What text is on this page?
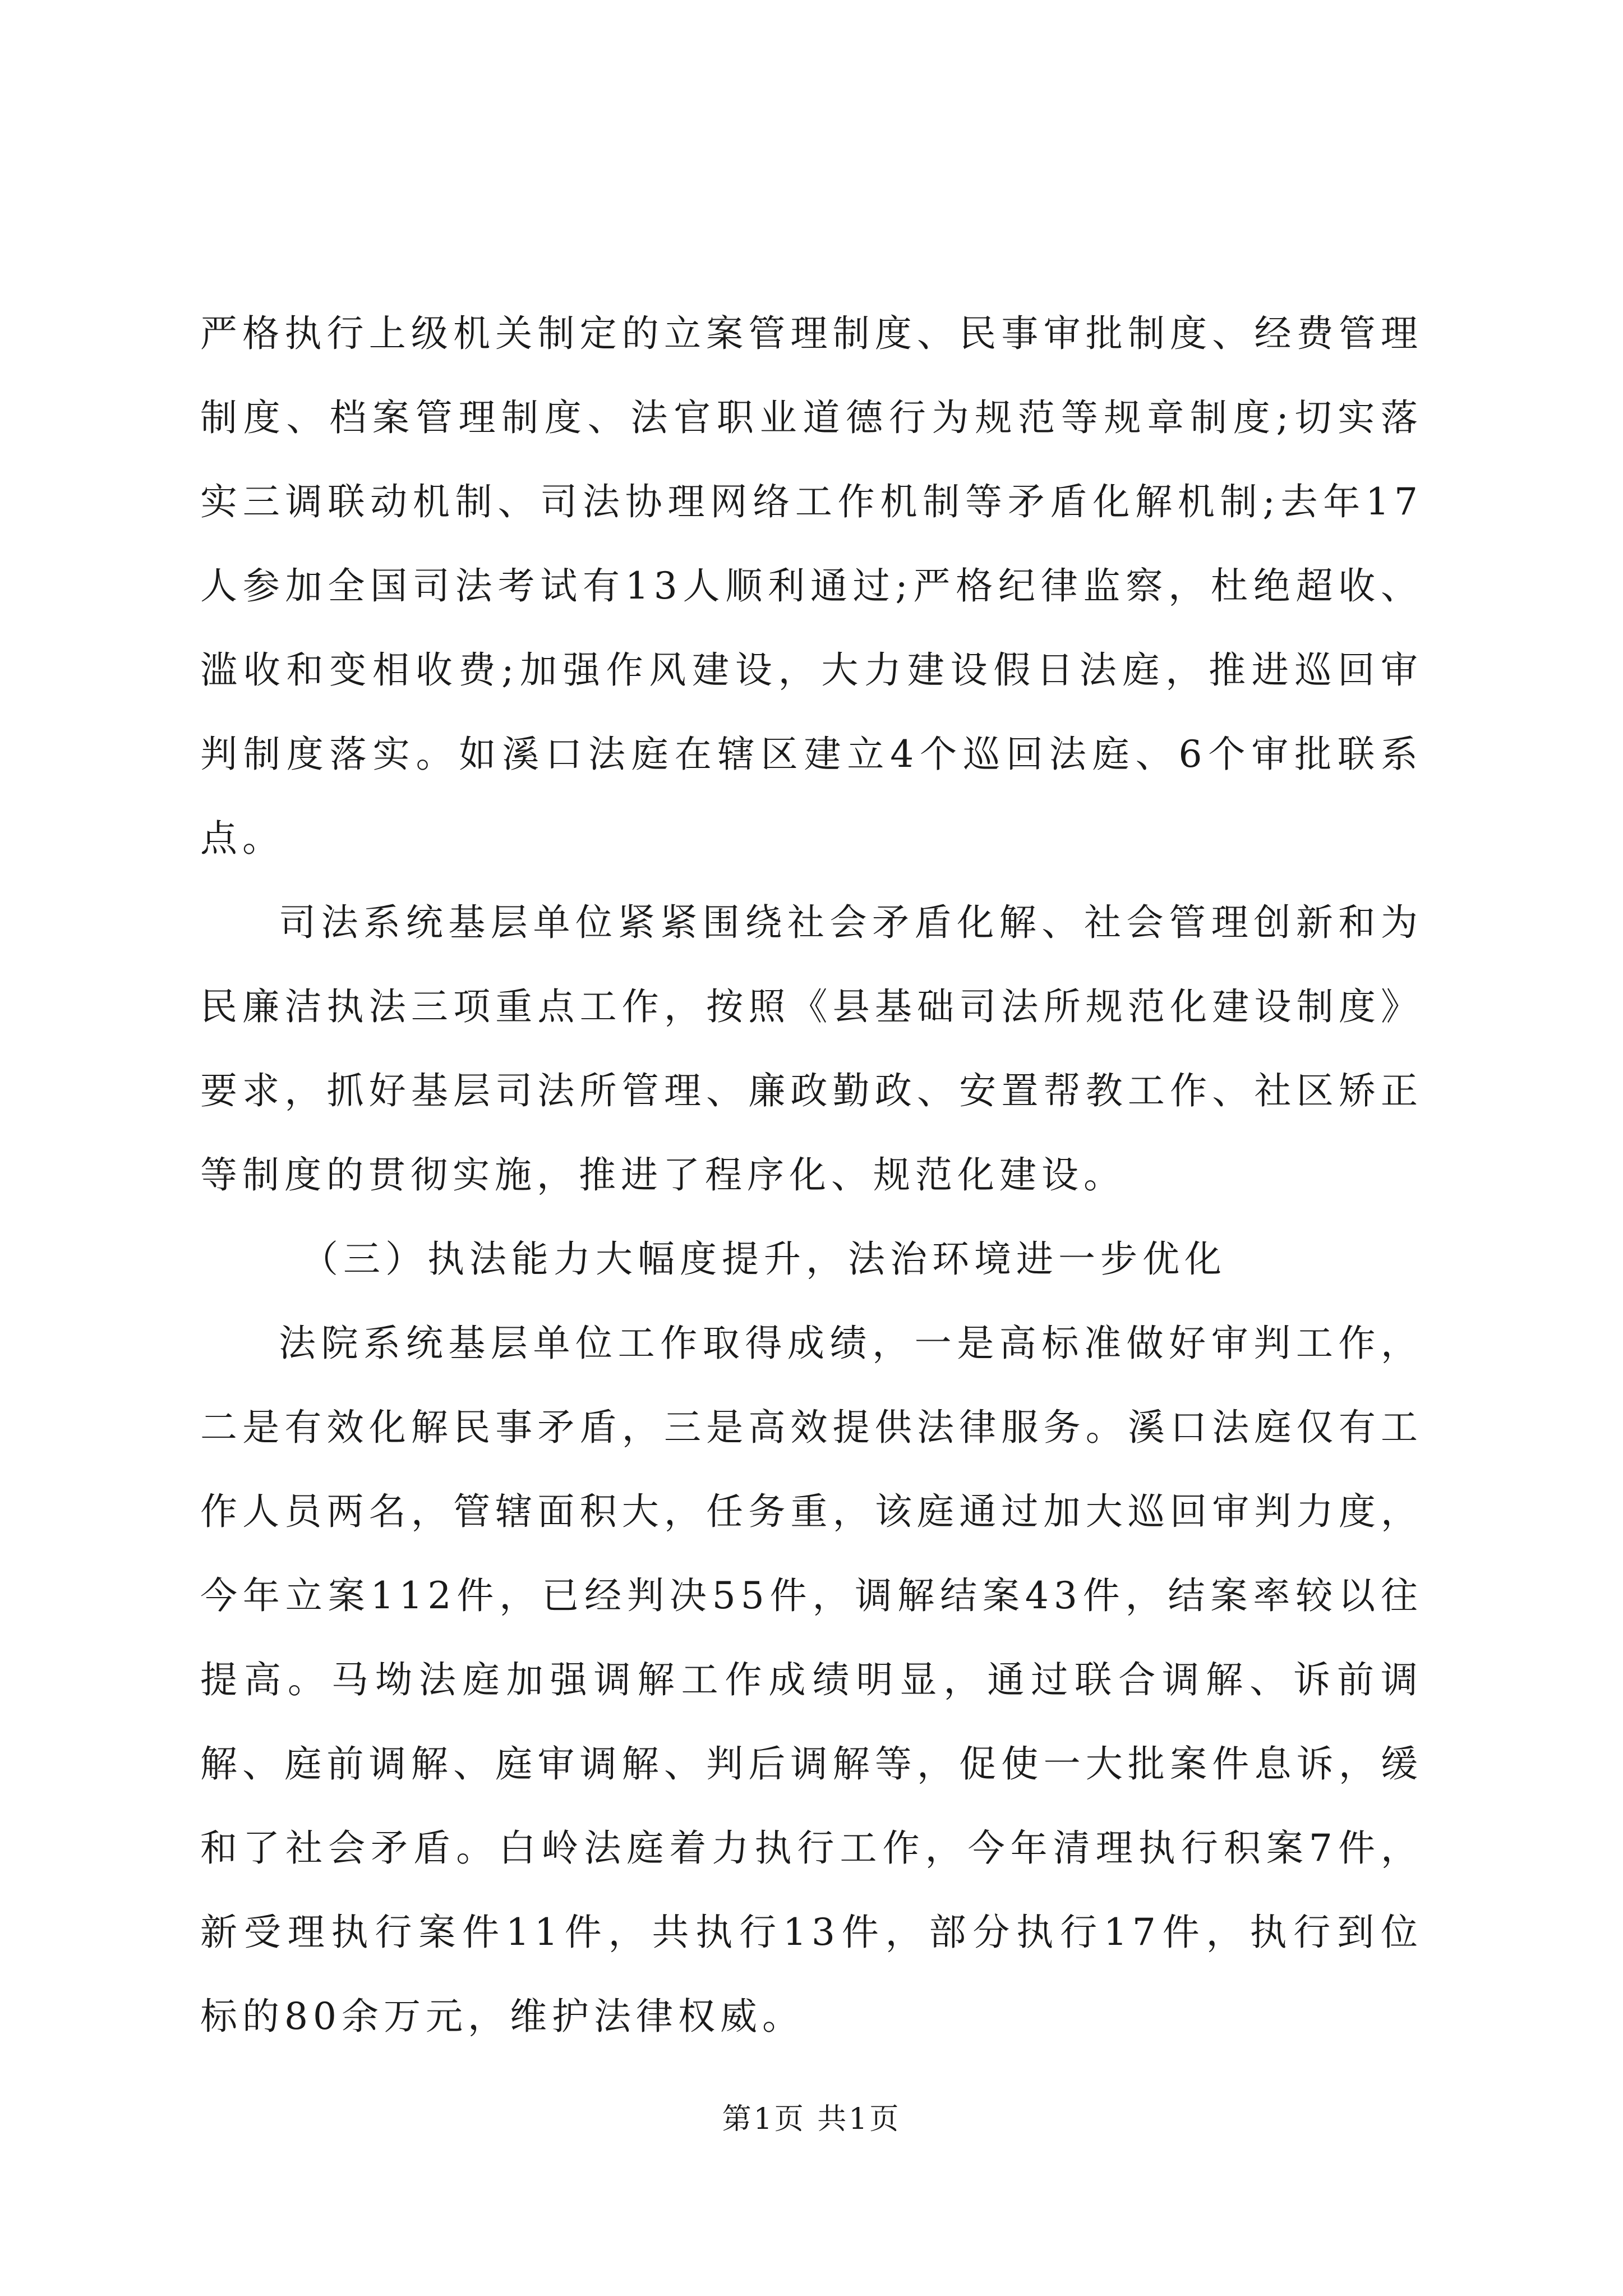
严格执行上级机关制定的立案管理制度、民事审批制度、经费管理制度、档案管理制度、法官职业道德行为规范等规章制度;切实落实三调联动机制、司法协理网络工作机制等矛盾化解机制;去年17人参加全国司法考试有13人顺利通过;严格纪律监察，杜绝超收、滥收和变相收费;加强作风建设，大力建设假日法庭，推进巡回审判制度落实。如溪口法庭在辖区建立4个巡回法庭、6个审批联系点。

司法系统基层单位紧紧围绕社会矛盾化解、社会管理创新和为民廉洁执法三项重点工作，按照《县基础司法所规范化建设制度》要求，抓好基层司法所管理、廉政勤政、安置帮教工作、社区矫正等制度的贯彻实施，推进了程序化、规范化建设。

（三）执法能力大幅度提升，法治环境进一步优化

法院系统基层单位工作取得成绩，一是高标准做好审判工作，二是有效化解民事矛盾，三是高效提供法律服务。溪口法庭仅有工作人员两名，管辖面积大，任务重，该庭通过加大巡回审判力度，今年立案112件，已经判决55件，调解结案43件，结案率较以往提高。马坳法庭加强调解工作成绩明显，通过联合调解、诉前调解、庭前调解、庭审调解、判后调解等，促使一大批案件息诉，缓和了社会矛盾。白岭法庭着力执行工作，今年清理执行积案7件，新受理执行案件11件，共执行13件，部分执行17件，执行到位标的80余万元，维护法律权威。

第1页 共1页
